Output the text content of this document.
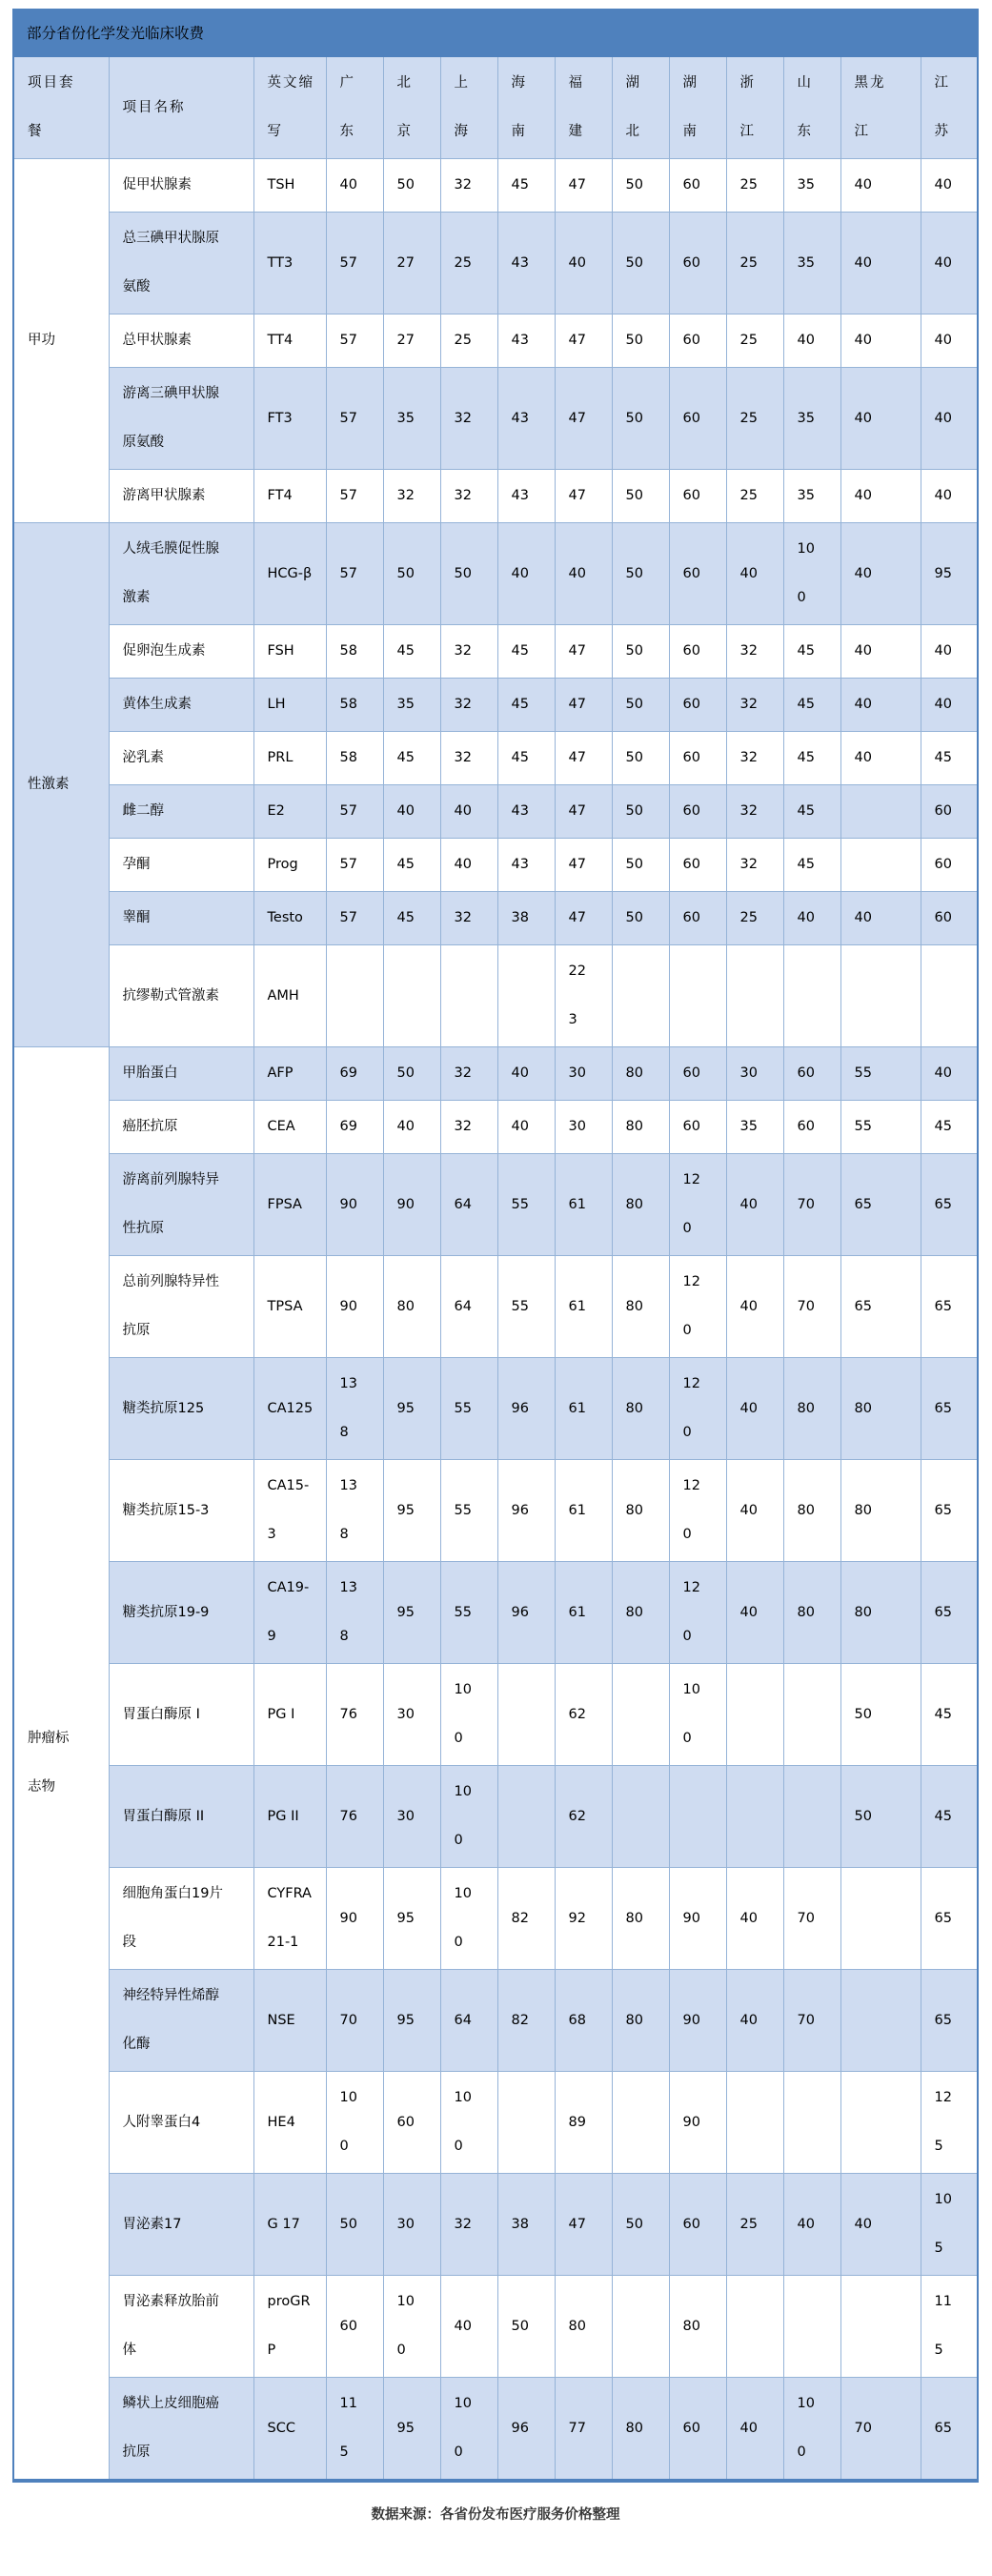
部分省份化学发光临床收费													
项目套餐	项目名称	英文缩写	广东	北京	上海	海南	福建	湖北	湖南	浙江	山东	黑龙江	江苏
甲功	促甲状腺素	TSH	40	50	32	45	47	50	60	25	35	40	40
	总三碘甲状腺原氨酸	TT3	57	27	25	43	40	50	60	25	35	40	40
	总甲状腺素	TT4	57	27	25	43	47	50	60	25	40	40	40
	游离三碘甲状腺原氨酸	FT3	57	35	32	43	47	50	60	25	35	40	40
	游离甲状腺素	FT4	57	32	32	43	47	50	60	25	35	40	40
性激素	人绒毛膜促性腺激素	HCG-β	57	50	50	40	40	50	60	40	100	40	95
	促卵泡生成素	FSH	58	45	32	45	47	50	60	32	45	40	40
	黄体生成素	LH	58	35	32	45	47	50	60	32	45	40	40
	泌乳素	PRL	58	45	32	45	47	50	60	32	45	40	45
	雌二醇	E2	57	40	40	43	47	50	60	32	45		60
	孕酮	Prog	57	45	40	43	47	50	60	32	45		60
	睾酮	Testo	57	45	32	38	47	50	60	25	40	40	60
	抗缪勒式管激素	AMH					223						
肿瘤标志物	甲胎蛋白	AFP	69	50	32	40	30	80	60	30	60	55	40
	癌胚抗原	CEA	69	40	32	40	30	80	60	35	60	55	45
	游离前列腺特异性抗原	FPSA	90	90	64	55	61	80	120	40	70	65	65
	总前列腺特异性抗原	TPSA	90	80	64	55	61	80	120	40	70	65	65
	糖类抗原125	CA125	138	95	55	96	61	80	120	40	80	80	65
	糖类抗原15-3	CA15-3	138	95	55	96	61	80	120	40	80	80	65
	糖类抗原19-9	CA19-9	138	95	55	96	61	80	120	40	80	80	65
	胃蛋白酶原 I	PG I	76	30	100		62		100			50	45
	胃蛋白酶原 II	PG II	76	30	100		62					50	45
	细胞角蛋白19片段	CYFRA 21-1	90	95	100	82	92	80	90	40	70		65
	神经特异性烯醇化酶	NSE	70	95	64	82	68	80	90	40	70		65
	人附睾蛋白4	HE4	100	60	100		89		90				125
	胃泌素17	G 17	50	30	32	38	47	50	60	25	40	40	105
	胃泌素释放胎前体	proGRP	60	100	40	50	80		80				115
	鳞状上皮细胞癌抗原	SCC	115	95	100	96	77	80	60	40	100	70	65
数据来源：各省份发布医疗服务价格整理
